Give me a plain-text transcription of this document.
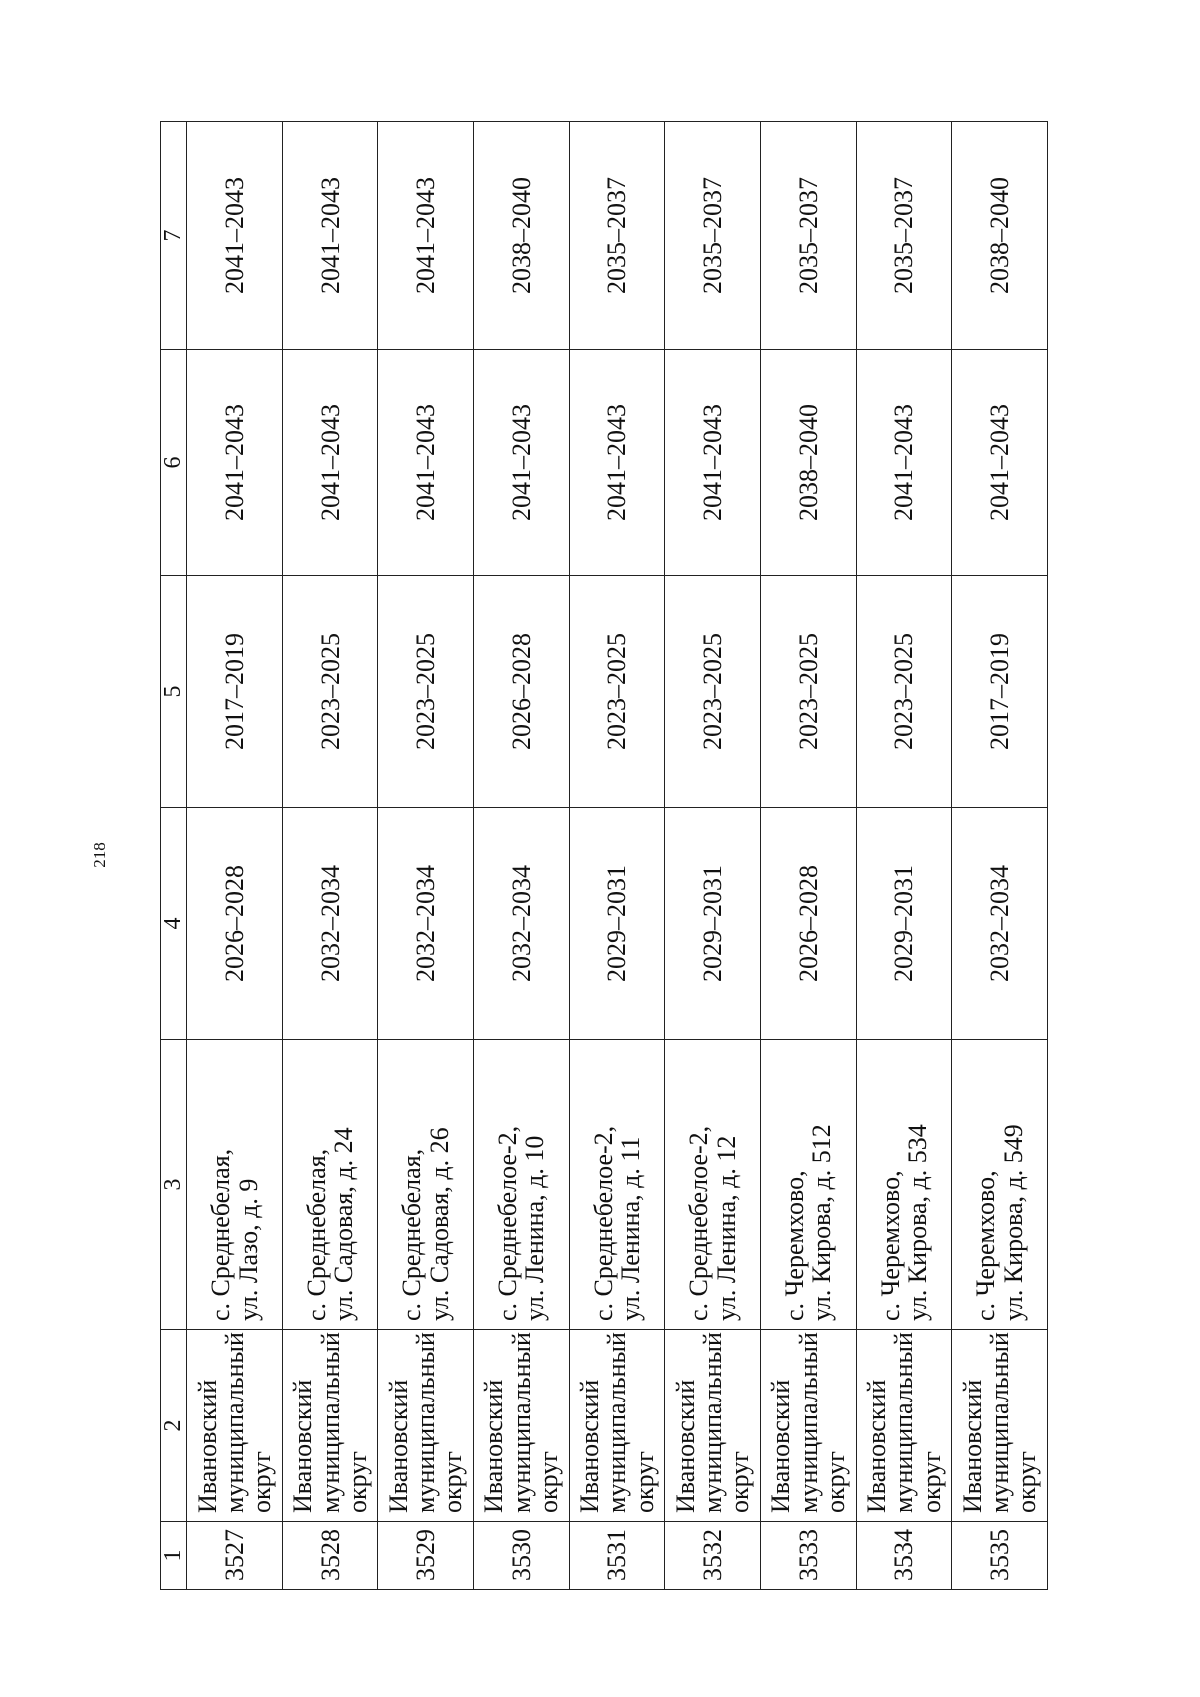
218
1	2	3	4	5	6	7
3527	Ивановский
муниципальный
округ	с. Среднебелая,
ул. Лазо, д. 9	2026–2028	2017–2019	2041–2043	2041–2043
3528	Ивановский
муниципальный
округ	с. Среднебелая,
ул. Садовая, д. 24	2032–2034	2023–2025	2041–2043	2041–2043
3529	Ивановский
муниципальный
округ	с. Среднебелая,
ул. Садовая, д. 26	2032–2034	2023–2025	2041–2043	2041–2043
3530	Ивановский
муниципальный
округ	с. Среднебелое-2,
ул. Ленина, д. 10	2032–2034	2026–2028	2041–2043	2038–2040
3531	Ивановский
муниципальный
округ	с. Среднебелое-2,
ул. Ленина, д. 11	2029–2031	2023–2025	2041–2043	2035–2037
3532	Ивановский
муниципальный
округ	с. Среднебелое-2,
ул. Ленина, д. 12	2029–2031	2023–2025	2041–2043	2035–2037
3533	Ивановский
муниципальный
округ	с. Черемхово,
ул. Кирова, д. 512	2026–2028	2023–2025	2038–2040	2035–2037
3534	Ивановский
муниципальный
округ	с. Черемхово,
ул. Кирова, д. 534	2029–2031	2023–2025	2041–2043	2035–2037
3535	Ивановский
муниципальный
округ	с. Черемхово,
ул. Кирова, д. 549	2032–2034	2017–2019	2041–2043	2038–2040
